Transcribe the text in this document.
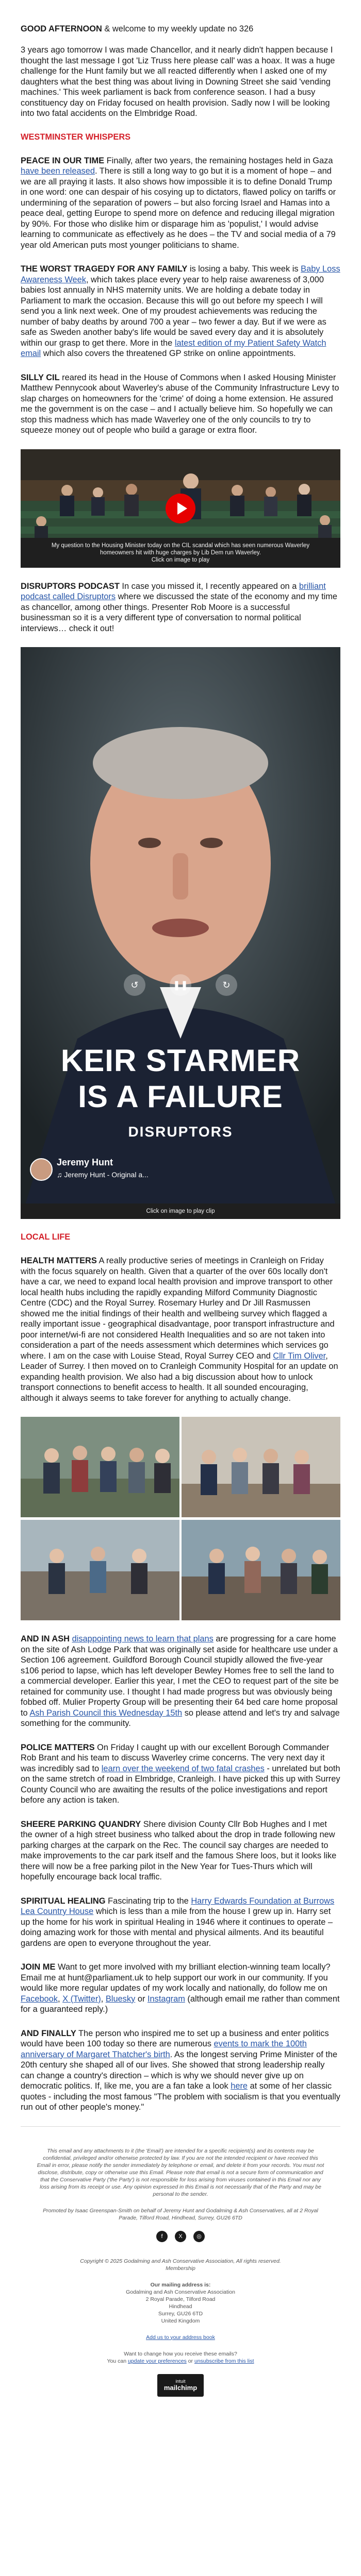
GOOD AFTERNOON & welcome to my weekly update no 326

3 years ago tomorrow I was made Chancellor, and it nearly didn't happen because I thought the last message I got 'Liz Truss here please call' was a hoax. It was a huge challenge for the Hunt family but we all reacted differently when I asked one of my daughters what the best thing was about living in Downing Street she said 'vending machines.' This week parliament is back from conference season. I had a busy constituency day on Friday focused on health provision. Sadly now I will be looking into two fatal accidents on the Elmbridge Road.

WESTMINSTER WHISPERS

PEACE IN OUR TIME Finally, after two years, the remaining hostages held in Gaza have been released. There is still a long way to go but it is a moment of hope – and we are all praying it lasts. It also shows how impossible it is to define Donald Trump in one word: one can despair of his cosying up to dictators, flawed policy on tariffs or undermining of the separation of powers – but also forcing Israel and Hamas into a peace deal, getting Europe to spend more on defence and reducing illegal migration by 90%. For those who dislike him or disparage him as 'populist,' I would advise learning to communicate as effectively as he does – the TV and social media of a 79 year old American puts most younger politicians to shame.

THE WORST TRAGEDY FOR ANY FAMILY is losing a baby. This week is Baby Loss Awareness Week, which takes place every year to help raise awareness of 3,000 babies lost annually in NHS maternity units. We are holding a debate today in Parliament to mark the occasion. Because this will go out before my speech I will send you a link next week. One of my proudest achievements was reducing the number of baby deaths by around 700 a year – two fewer a day. But if we were as safe as Sweden another baby's life would be saved every day and it is absolutely within our grasp to get there. More in the latest edition of my Patient Safety Watch email which also covers the threatened GP strike on online appointments.

SILLY CIL reared its head in the House of Commons when I asked Housing Minister Matthew Pennycook about Waverley's abuse of the Community Infrastructure Levy to slap charges on homeowners for the 'crime' of doing a home extension. He assured me the government is on the case – and I actually believe him. So hopefully we can stop this madness which has made Waverley one of the only councils to try to squeeze money out of people who build a garage or extra floor.

My question to the Housing Minister today on the CIL scandal which has seen numerous Waverley homeowners hit with huge charges by Lib Dem run Waverley.
Click on image to play

DISRUPTORS PODCAST In case you missed it, I recently appeared on a brilliant podcast called Disruptors where we discussed the state of the economy and my time as chancellor, among other things. Presenter Rob Moore is a successful businessman so it is a very different type of conversation to normal political interviews… check it out!

↺	❚❚	↻
KEIR STARMER
IS A FAILURE
DISRUPTORS
Jeremy Hunt
♫ Jeremy Hunt - Original a...
Click on image to play clip
LOCAL LIFE

HEALTH MATTERS A really productive series of meetings in Cranleigh on Friday with the focus squarely on health. Given that a quarter of the over 60s locally don't have a car, we need to expand local health provision and improve transport to other local health hubs including the rapidly expanding Milford Community Diagnostic Centre (CDC) and the Royal Surrey. Rosemary Hurley and Dr Jill Rasmussen showed me the initial findings of their health and wellbeing survey which flagged a really important issue - geographical disadvantage, poor transport infrastructure and poor internet/wi-fi are not considered Health Inequalities and so are not taken into consideration a part of the needs assessment which determines which services go where. I am on the case with Louise Stead, Royal Surrey CEO and Cllr Tim Oliver, Leader of Surrey. I then moved on to Cranleigh Community Hospital for an update on expanding health provision. We also had a big discussion about how to unlock transport connections to benefit access to health. It all sounded encouraging, although it always seems to take forever for anything to actually change.

AND IN ASH disappointing news to learn that plans are progressing for a care home on the site of Ash Lodge Park that was originally set aside for healthcare use under a Section 106 agreement. Guildford Borough Council stupidly allowed the five-year s106 period to lapse, which has left developer Bewley Homes free to sell the land to a commercial developer. Earlier this year, I met the CEO to request part of the site be retained for community use. I thought I had made progress but was obviously being fobbed off. Mulier Property Group will be presenting their 64 bed care home proposal to Ash Parish Council this Wednesday 15th so please attend and let's try and salvage something for the community.

POLICE MATTERS On Friday I caught up with our excellent Borough Commander Rob Brant and his team to discuss Waverley crime concerns. The very next day it was incredibly sad to learn over the weekend of two fatal crashes - unrelated but both on the same stretch of road in Elmbridge, Cranleigh. I have picked this up with Surrey County Council who are awaiting the results of the police investigations and report before any action is taken.

SHEERE PARKING QUANDRY Shere division County Cllr Bob Hughes and I met the owner of a high street business who talked about the drop in trade following new parking charges at the carpark on the Rec. The council say charges are needed to make improvements to the car park itself and the famous Shere loos, but it looks like there will now be a free parking pilot in the New Year for Tues-Thurs which will hopefully encourage back local traffic.

SPIRITUAL HEALING Fascinating trip to the Harry Edwards Foundation at Burrows Lea Country House which is less than a mile from the house I grew up in. Harry set up the home for his work in spiritual Healing in 1946 where it continues to operate – doing amazing work for those with mental and physical ailments. And its beautiful gardens are open to everyone throughout the year.

JOIN ME Want to get more involved with my brilliant election-winning team locally? Email me at hunt@parliament.uk to help support our work in our community. If you would like more regular updates of my work locally and nationally, do follow me on Facebook, X (Twitter), Bluesky or Instagram (although email me rather than comment for a guaranteed reply.)

AND FINALLY The person who inspired me to set up a business and enter politics would have been 100 today so there are numerous events to mark the 100th anniversary of Margaret Thatcher's birth. As the longest serving Prime Minister of the 20th century she shaped all of our lives. She showed that strong leadership really can change a country's direction – which is why we should never give up on democratic politics. If, like me, you are a fan take a look here at some of her classic quotes - including the most famous "The problem with socialism is that you eventually run out of other people's money."

This email and any attachments to it (the 'Email') are intended for a specific recipient(s) and its contents may be confidential, privileged and/or otherwise protected by law. If you are not the intended recipient or have received this Email in error, please notify the sender immediately by telephone or email, and delete it from your records. You must not disclose, distribute, copy or otherwise use this Email. Please note that email is not a secure form of communication and that the Conservative Party ('the Party') is not responsible for loss arising from viruses contained in this Email nor any loss arising from its receipt or use. Any opinion expressed in this Email is not necessarily that of the Party and may be personal to the sender.

Promoted by Isaac Greenspan-Smith on behalf of Jeremy Hunt and Godalming & Ash Conservatives, all at 2 Royal Parade, Tilford Road, Hindhead, Surrey, GU26 6TD

f	X	◎

Copyright © 2025 Godalming and Ash Conservative Association, All rights reserved.
Membership

Our mailing address is:
Godalming and Ash Conservative Association
2 Royal Parade, Tilford Road
Hindhead
Surrey, GU26 6TD
United Kingdom

Add us to your address book

Want to change how you receive these emails?
You can update your preferences or unsubscribe from this list

intuit
mailchimp
